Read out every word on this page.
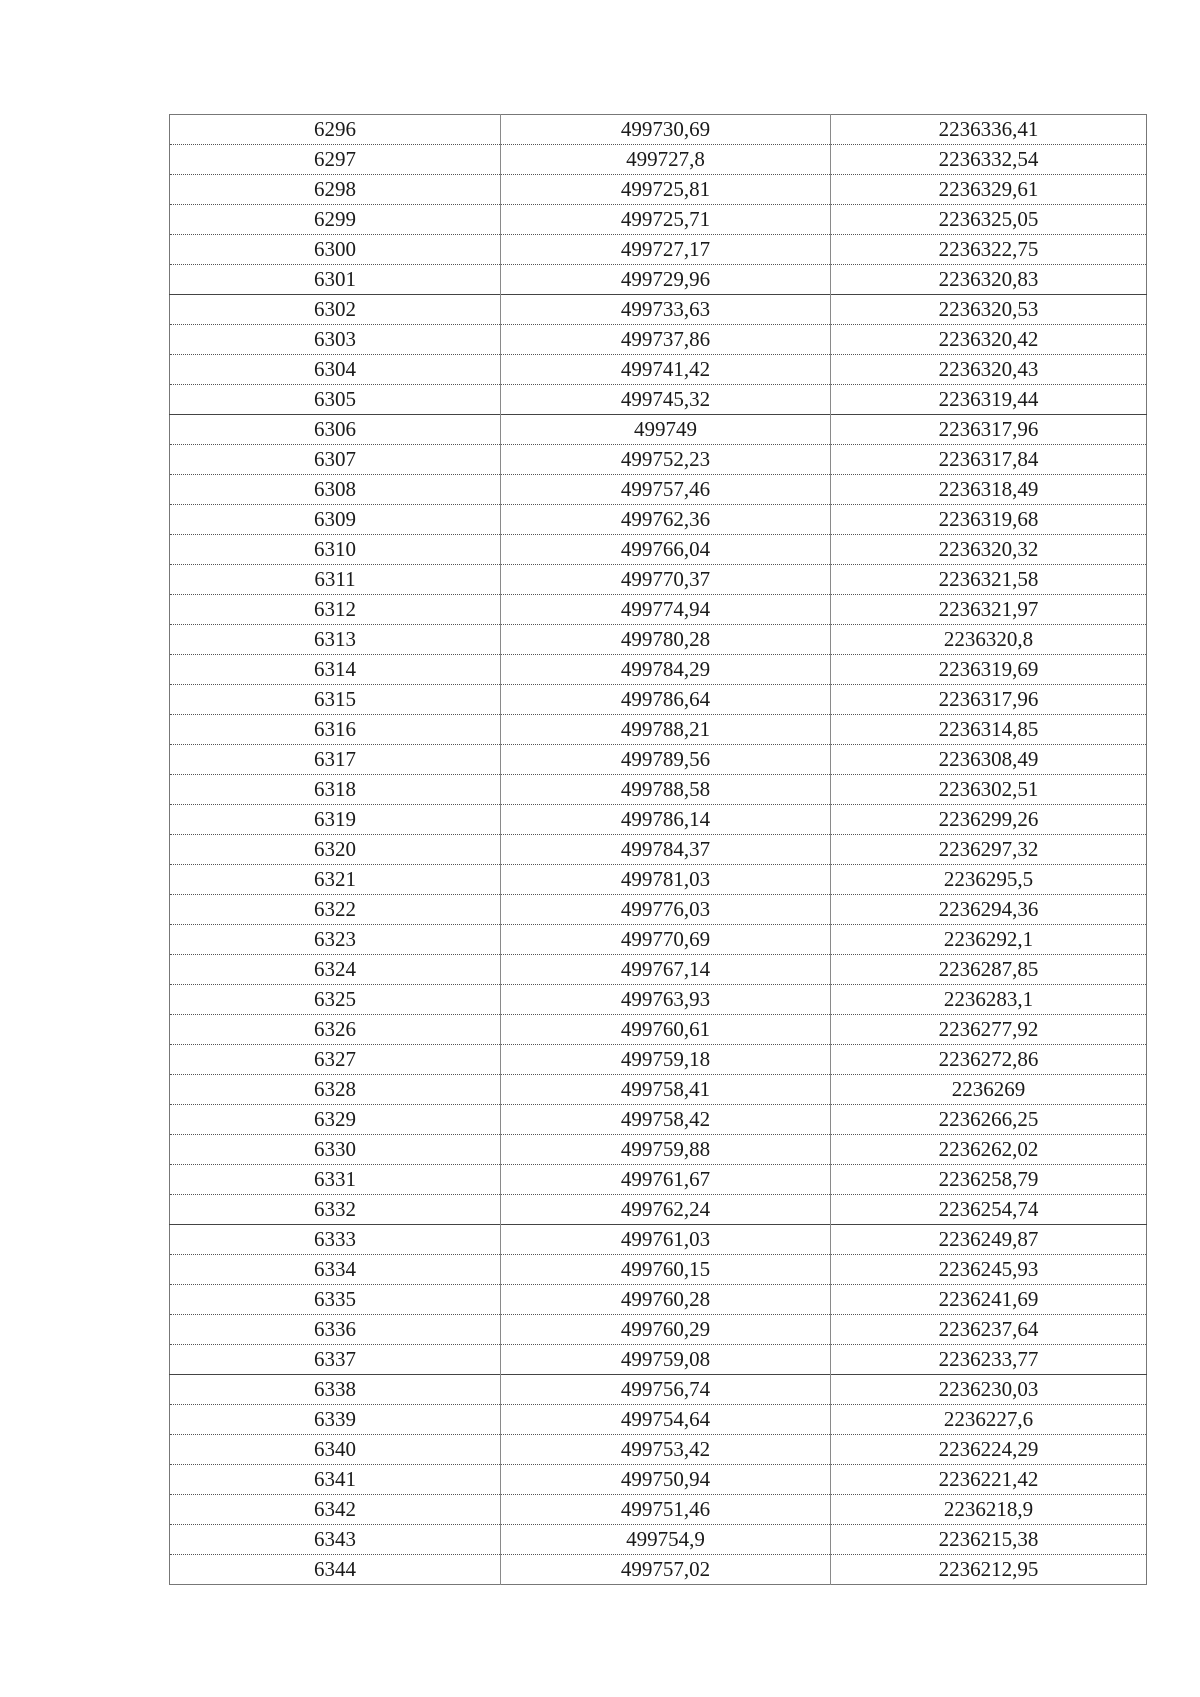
6296	499730,69	2236336,41
6297	499727,8	2236332,54
6298	499725,81	2236329,61
6299	499725,71	2236325,05
6300	499727,17	2236322,75
6301	499729,96	2236320,83
6302	499733,63	2236320,53
6303	499737,86	2236320,42
6304	499741,42	2236320,43
6305	499745,32	2236319,44
6306	499749	2236317,96
6307	499752,23	2236317,84
6308	499757,46	2236318,49
6309	499762,36	2236319,68
6310	499766,04	2236320,32
6311	499770,37	2236321,58
6312	499774,94	2236321,97
6313	499780,28	2236320,8
6314	499784,29	2236319,69
6315	499786,64	2236317,96
6316	499788,21	2236314,85
6317	499789,56	2236308,49
6318	499788,58	2236302,51
6319	499786,14	2236299,26
6320	499784,37	2236297,32
6321	499781,03	2236295,5
6322	499776,03	2236294,36
6323	499770,69	2236292,1
6324	499767,14	2236287,85
6325	499763,93	2236283,1
6326	499760,61	2236277,92
6327	499759,18	2236272,86
6328	499758,41	2236269
6329	499758,42	2236266,25
6330	499759,88	2236262,02
6331	499761,67	2236258,79
6332	499762,24	2236254,74
6333	499761,03	2236249,87
6334	499760,15	2236245,93
6335	499760,28	2236241,69
6336	499760,29	2236237,64
6337	499759,08	2236233,77
6338	499756,74	2236230,03
6339	499754,64	2236227,6
6340	499753,42	2236224,29
6341	499750,94	2236221,42
6342	499751,46	2236218,9
6343	499754,9	2236215,38
6344	499757,02	2236212,95
